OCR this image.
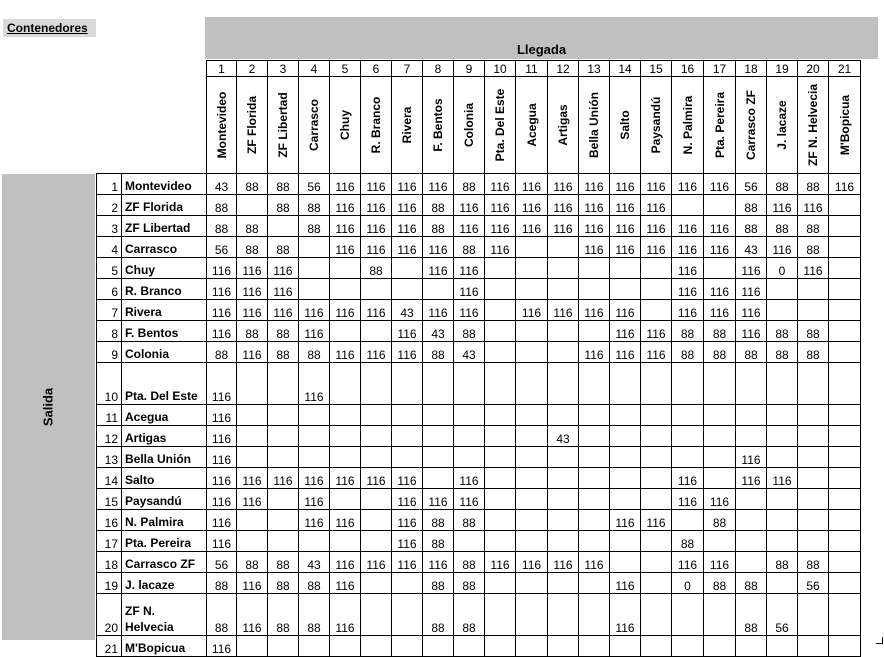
Contenedores
Llegada
Salida
		1	2	3	4	5	6	7	8	9	10	11	12	13	14	15	16	17	18	19	20	21

		Montevideo	ZF Florida	ZF Libertad	Carrasco	Chuy	R. Branco	Rivera	F. Bentos	Colonia	Pta. Del Este	Acegua	Artigas	Bella Unión	Salto	Paysandú	N. Palmira	Pta. Pereira	Carrasco ZF	J. lacaze	ZF N. Helvecia	M'Bopicua

1	Montevideo	43	88	88	56	116	116	116	116	88	116	116	116	116	116	116	116	116	56	88	88	116
2	ZF Florida	88		88	88	116	116	116	88	116	116	116	116	116	116	116			88	116	116	
3	ZF Libertad	88	88		88	116	116	116	88	116	116	116	116	116	116	116	116	116	88	88	88	
4	Carrasco	56	88	88		116	116	116	116	88	116			116	116	116	116	116	43	116	88	
5	Chuy	116	116	116			88		116	116							116		116	0	116	
6	R. Branco	116	116	116						116							116	116	116			
7	Rivera	116	116	116	116	116	116	43	116	116		116	116	116	116		116	116	116			
8	F. Bentos	116	88	88	116			116	43	88					116	116	88	88	116	88	88	
9	Colonia	88	116	88	88	116	116	116	88	43				116	116	116	88	88	88	88	88	
10	Pta. Del Este	116			116																	
11	Acegua	116																				
12	Artigas	116											43									
13	Bella Unión	116																	116			
14	Salto	116	116	116	116	116	116	116		116							116		116	116		
15	Paysandú	116	116		116			116	116	116							116	116				
16	N. Palmira	116			116	116		116	88	88					116	116		88				
17	Pta. Pereira	116						116	88								88					
18	Carrasco ZF	56	88	88	43	116	116	116	116	88	116	116	116	116			116	116		88	88	
19	J. lacaze	88	116	88	88	116			88	88					116		0	88	88		56	
20	ZF N. Helvecia	88	116	88	88	116			88	88					116				88	56		
21	M'Bopicua	116																				
